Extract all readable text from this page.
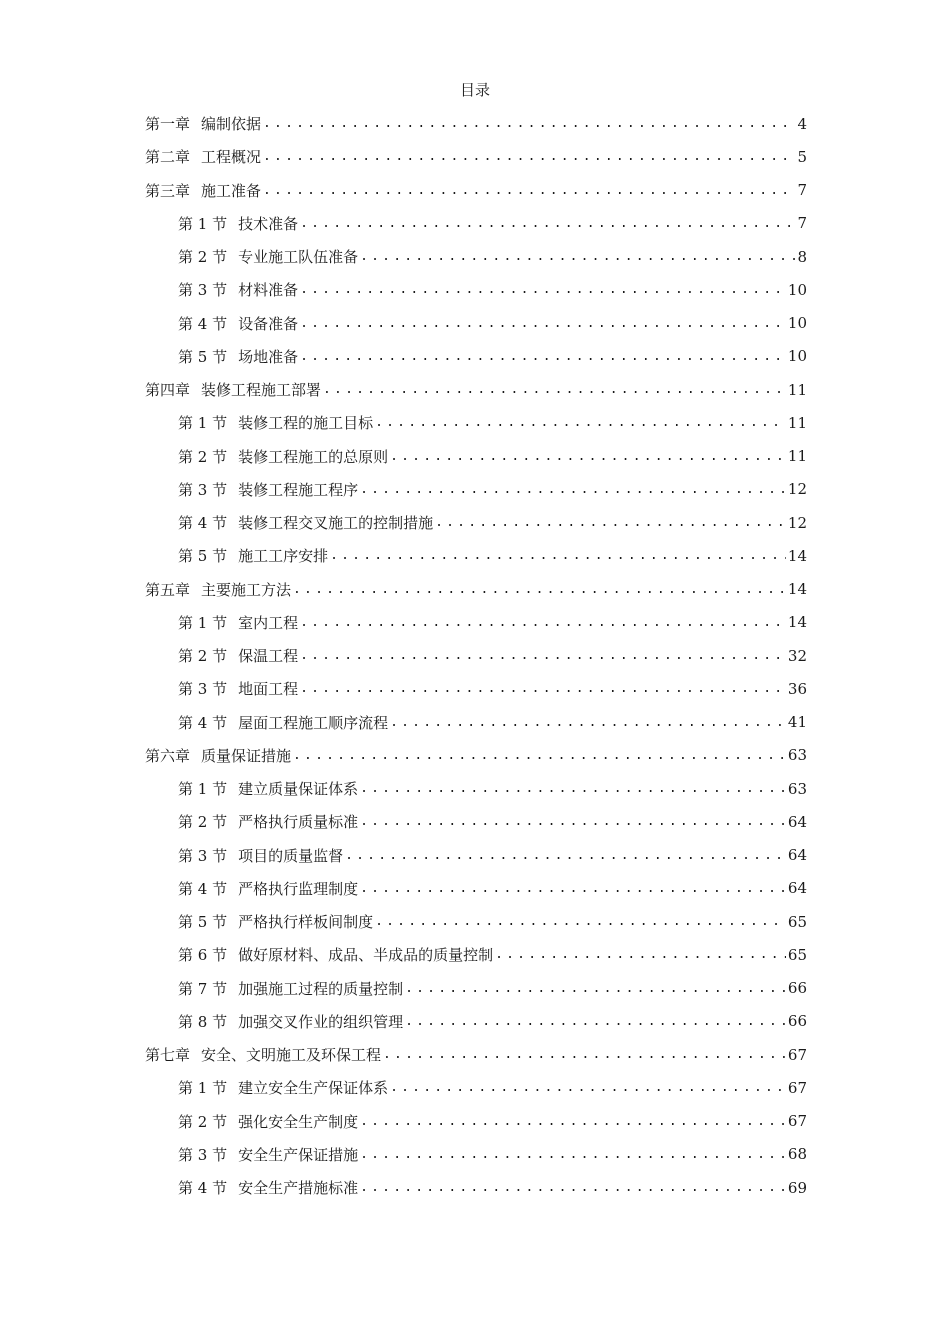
目录
第一章 编制依据 .....	4
第二章 工程概况 .....	5
第三章 施工准备 .....	7
第 1 节 技术准备 .....	7
第 2 节 专业施工队伍准备 .....	8
第 3 节 材料准备 .....	10
第 4 节 设备准备 .....	10
第 5 节 场地准备 .....	10
第四章 装修工程施工部署 .....	11
第 1 节 装修工程的施工目标 .....	11
第 2 节 装修工程施工的总原则 .....	11
第 3 节 装修工程施工程序 .....	12
第 4 节 装修工程交叉施工的控制措施 .....	12
第 5 节 施工工序安排 .....	14
第五章 主要施工方法 .....	14
第 1 节 室内工程 .....	14
第 2 节 保温工程 .....	32
第 3 节 地面工程 .....	36
第 4 节 屋面工程施工顺序流程 .....	41
第六章 质量保证措施 .....	63
第 1 节 建立质量保证体系 .....	63
第 2 节 严格执行质量标准 .....	64
第 3 节 项目的质量监督 .....	64
第 4 节 严格执行监理制度 .....	64
第 5 节 严格执行样板间制度 .....	65
第 6 节 做好原材料、成品、半成品的质量控制 .....	65
第 7 节 加强施工过程的质量控制 .....	66
第 8 节 加强交叉作业的组织管理 .....	66
第七章 安全、文明施工及环保工程 .....	67
第 1 节 建立安全生产保证体系 .....	67
第 2 节 强化安全生产制度 .....	67
第 3 节 安全生产保证措施 .....	68
第 4 节 安全生产措施标准 .....	69
